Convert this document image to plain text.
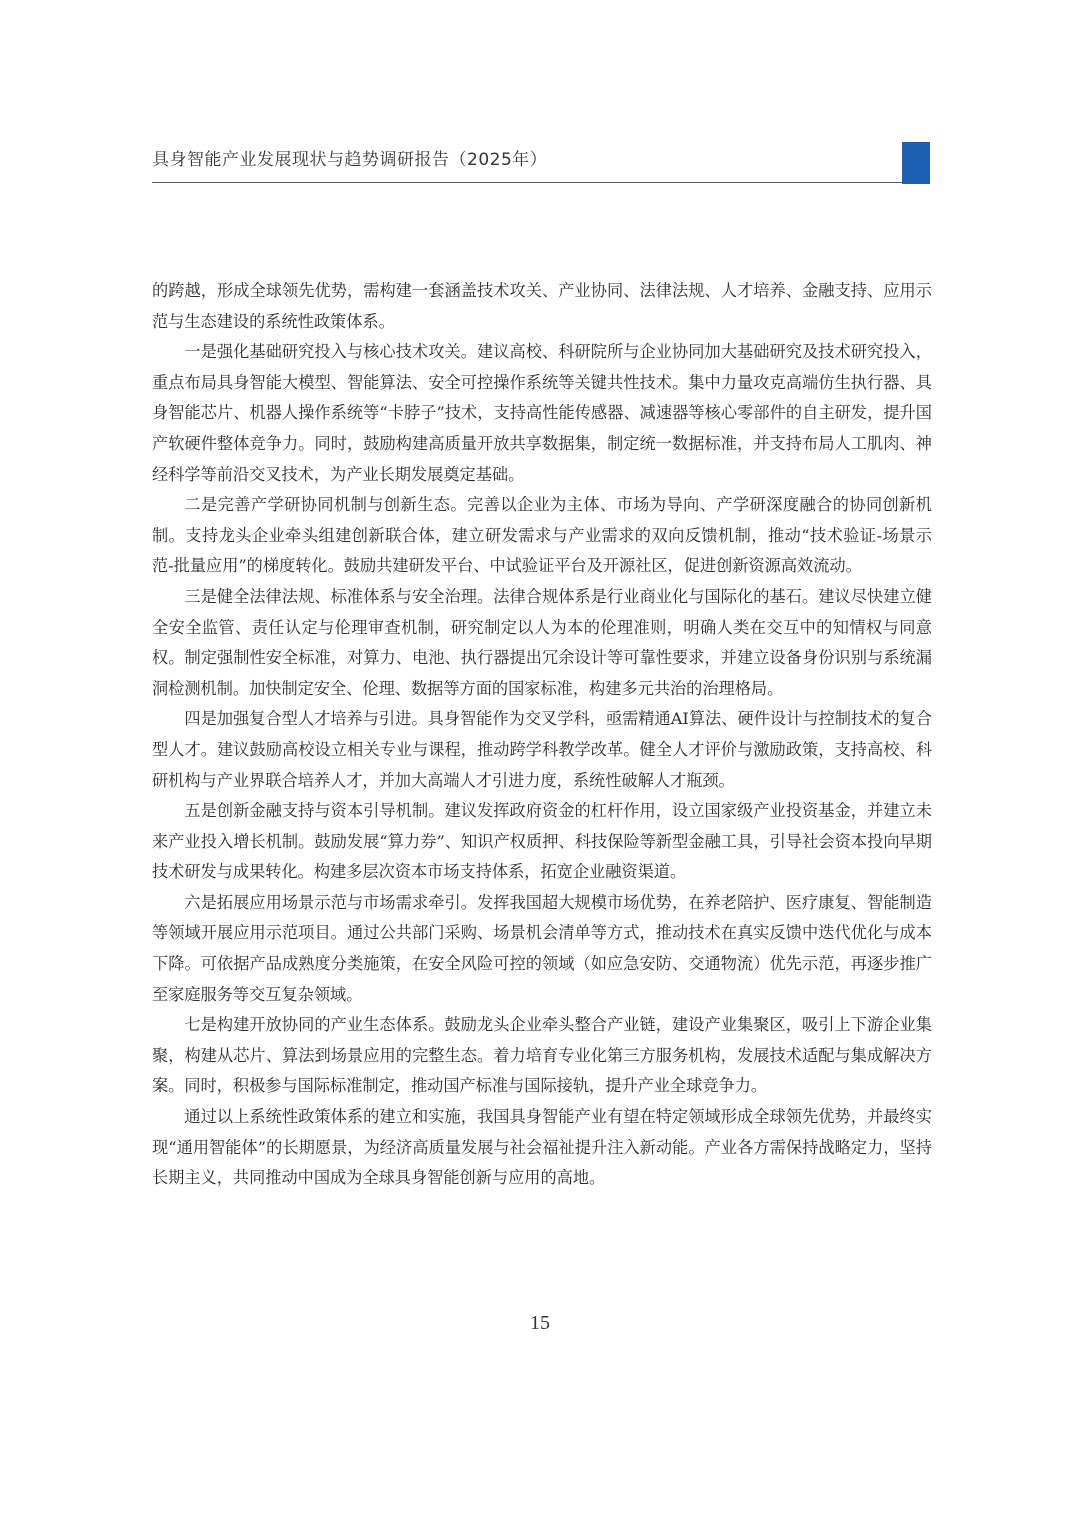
具身智能产业发展现状与趋势调研报告（2025年）

的跨越，形成全球领先优势，需构建一套涵盖技术攻关、产业协同、法律法规、人才培养、金融支持、应用示范与生态建设的系统性政策体系。

一是强化基础研究投入与核心技术攻关。建议高校、科研院所与企业协同加大基础研究及技术研究投入，重点布局具身智能大模型、智能算法、安全可控操作系统等关键共性技术。集中力量攻克高端仿生执行器、具身智能芯片、机器人操作系统等“卡脖子”技术，支持高性能传感器、减速器等核心零部件的自主研发，提升国产软硬件整体竞争力。同时，鼓励构建高质量开放共享数据集，制定统一数据标准，并支持布局人工肌肉、神经科学等前沿交叉技术，为产业长期发展奠定基础。

二是完善产学研协同机制与创新生态。完善以企业为主体、市场为导向、产学研深度融合的协同创新机制。支持龙头企业牵头组建创新联合体，建立研发需求与产业需求的双向反馈机制，推动“技术验证-场景示范-批量应用”的梯度转化。鼓励共建研发平台、中试验证平台及开源社区，促进创新资源高效流动。

三是健全法律法规、标准体系与安全治理。法律合规体系是行业商业化与国际化的基石。建议尽快建立健全安全监管、责任认定与伦理审查机制，研究制定以人为本的伦理准则，明确人类在交互中的知情权与同意权。制定强制性安全标准，对算力、电池、执行器提出冗余设计等可靠性要求，并建立设备身份识别与系统漏洞检测机制。加快制定安全、伦理、数据等方面的国家标准，构建多元共治的治理格局。

四是加强复合型人才培养与引进。具身智能作为交叉学科，亟需精通AI算法、硬件设计与控制技术的复合型人才。建议鼓励高校设立相关专业与课程，推动跨学科教学改革。健全人才评价与激励政策，支持高校、科研机构与产业界联合培养人才，并加大高端人才引进力度，系统性破解人才瓶颈。

五是创新金融支持与资本引导机制。建议发挥政府资金的杠杆作用，设立国家级产业投资基金，并建立未来产业投入增长机制。鼓励发展“算力券”、知识产权质押、科技保险等新型金融工具，引导社会资本投向早期技术研发与成果转化。构建多层次资本市场支持体系，拓宽企业融资渠道。

六是拓展应用场景示范与市场需求牵引。发挥我国超大规模市场优势，在养老陪护、医疗康复、智能制造等领域开展应用示范项目。通过公共部门采购、场景机会清单等方式，推动技术在真实反馈中迭代优化与成本下降。可依据产品成熟度分类施策，在安全风险可控的领域（如应急安防、交通物流）优先示范，再逐步推广至家庭服务等交互复杂领域。

七是构建开放协同的产业生态体系。鼓励龙头企业牵头整合产业链，建设产业集聚区，吸引上下游企业集聚，构建从芯片、算法到场景应用的完整生态。着力培育专业化第三方服务机构，发展技术适配与集成解决方案。同时，积极参与国际标准制定，推动国产标准与国际接轨，提升产业全球竞争力。

通过以上系统性政策体系的建立和实施，我国具身智能产业有望在特定领域形成全球领先优势，并最终实现“通用智能体”的长期愿景，为经济高质量发展与社会福祉提升注入新动能。产业各方需保持战略定力，坚持长期主义，共同推动中国成为全球具身智能创新与应用的高地。

15
